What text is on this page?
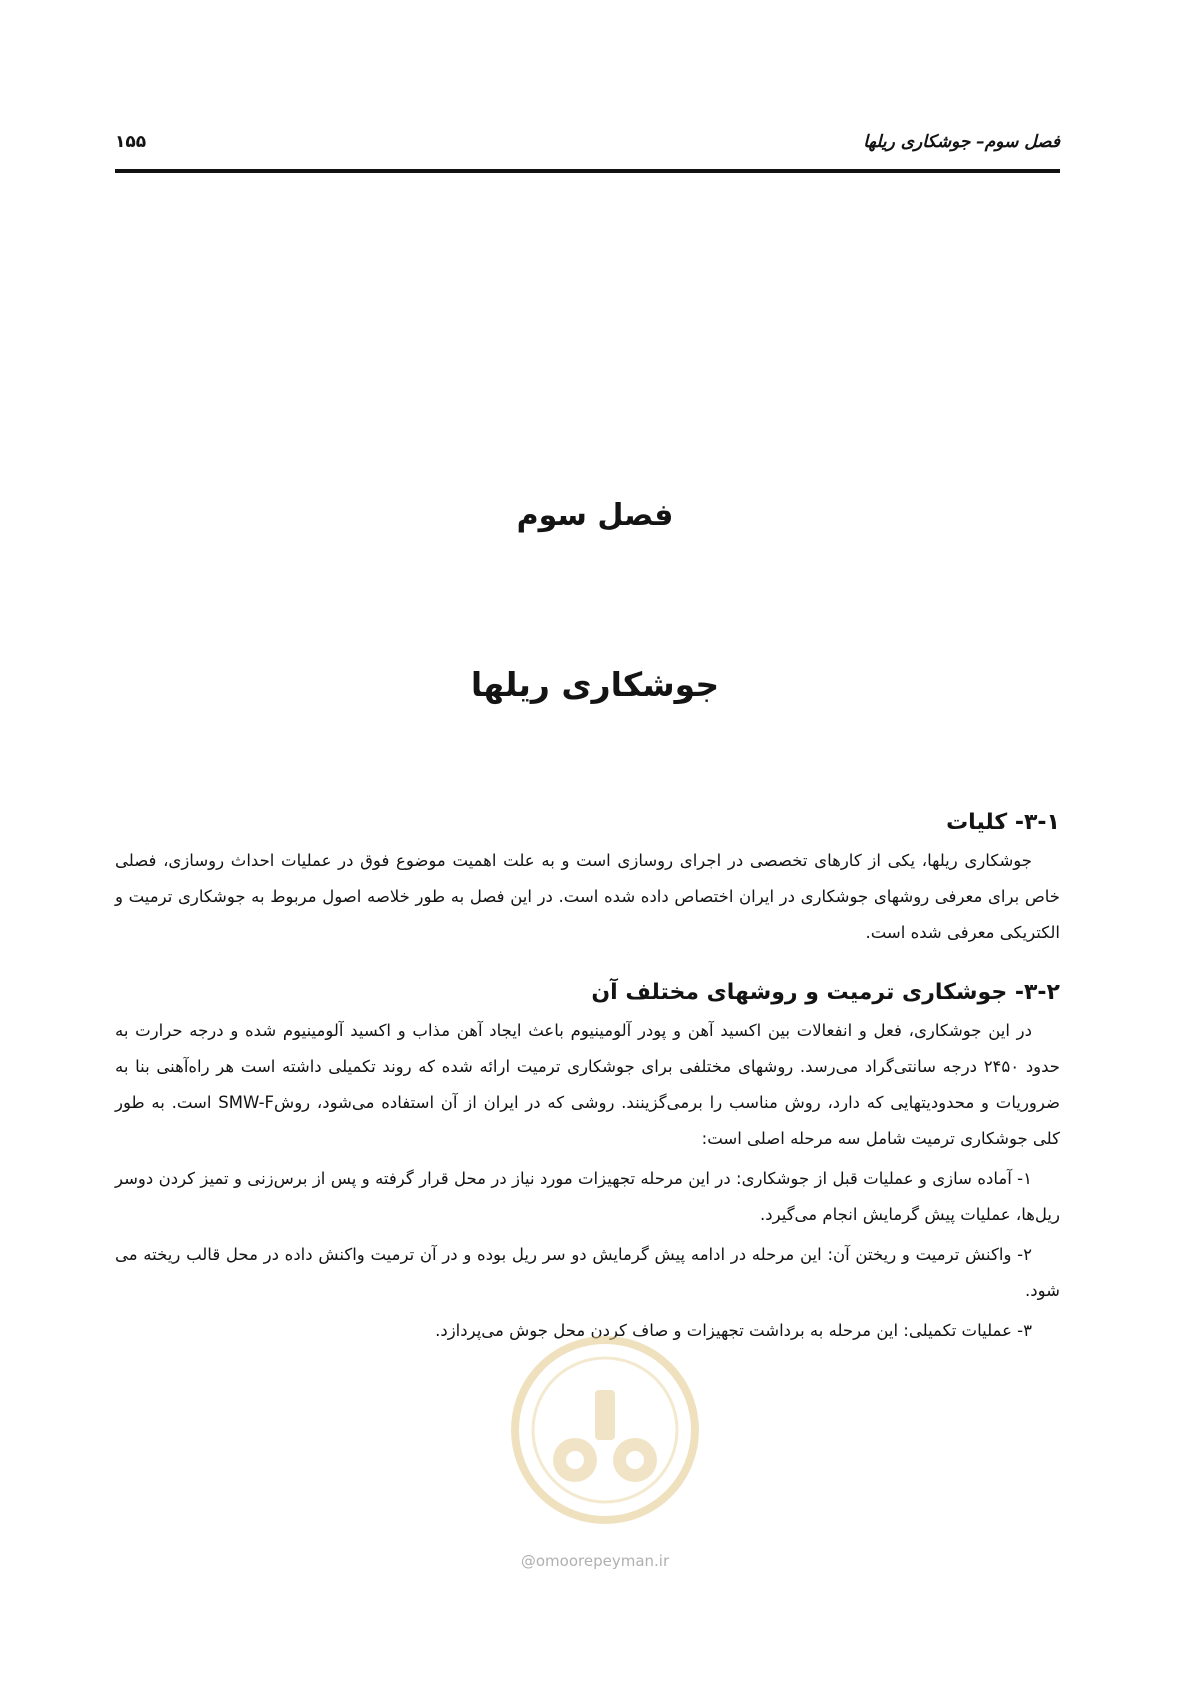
فصل سوم– جوشکاری ریلها
۱۵۵
فصل سوم
جوشکاری ریلها
۳-۱- کلیات

جوشکاری ریلها، یکی از کارهای تخصصی در اجرای روسازی است و به علت اهمیت موضوع فوق در عملیات احداث روسازی، فصلی خاص برای معرفی روشهای جوشکاری در ایران اختصاص داده شده است. در این فصل به طور خلاصه اصول مربوط به جوشکاری ترمیت و الکتریکی معرفی شده است.

۳-۲- جوشکاری ترمیت و روشهای مختلف آن

در این جوشکاری، فعل و انفعالات بین اکسید آهن و پودر آلومینیوم باعث ایجاد آهن مذاب و اکسید آلومینیوم شده و درجه حرارت به حدود ۲۴۵۰ درجه سانتی‌گراد می‌رسد. روشهای مختلفی برای جوشکاری ترمیت ارائه شده که روند تکمیلی داشته است هر راه‌آهنی بنا به ضروریات و محدودیتهایی که دارد، روش مناسب را برمی‌گزینند. روشی که در ایران از آن استفاده می‌شود، روشSMW-F است. به طور کلی جوشکاری ترمیت شامل سه مرحله اصلی است:

۱- آماده سازی و عملیات قبل از جوشکاری: در این مرحله تجهیزات مورد نیاز در محل قرار گرفته و پس از برس‌زنی و تمیز کردن دوسر ریل‌ها، عملیات پیش گرمایش انجام می‌گیرد.

۲- واکنش ترمیت و ریختن آن: این مرحله در ادامه پیش گرمایش دو سر ریل بوده و در آن ترمیت واکنش داده در محل قالب ریخته می شود.

۳- عملیات تکمیلی: این مرحله به برداشت تجهیزات و صاف کردن محل جوش می‌پردازد.

@omoorepeyman.ir
